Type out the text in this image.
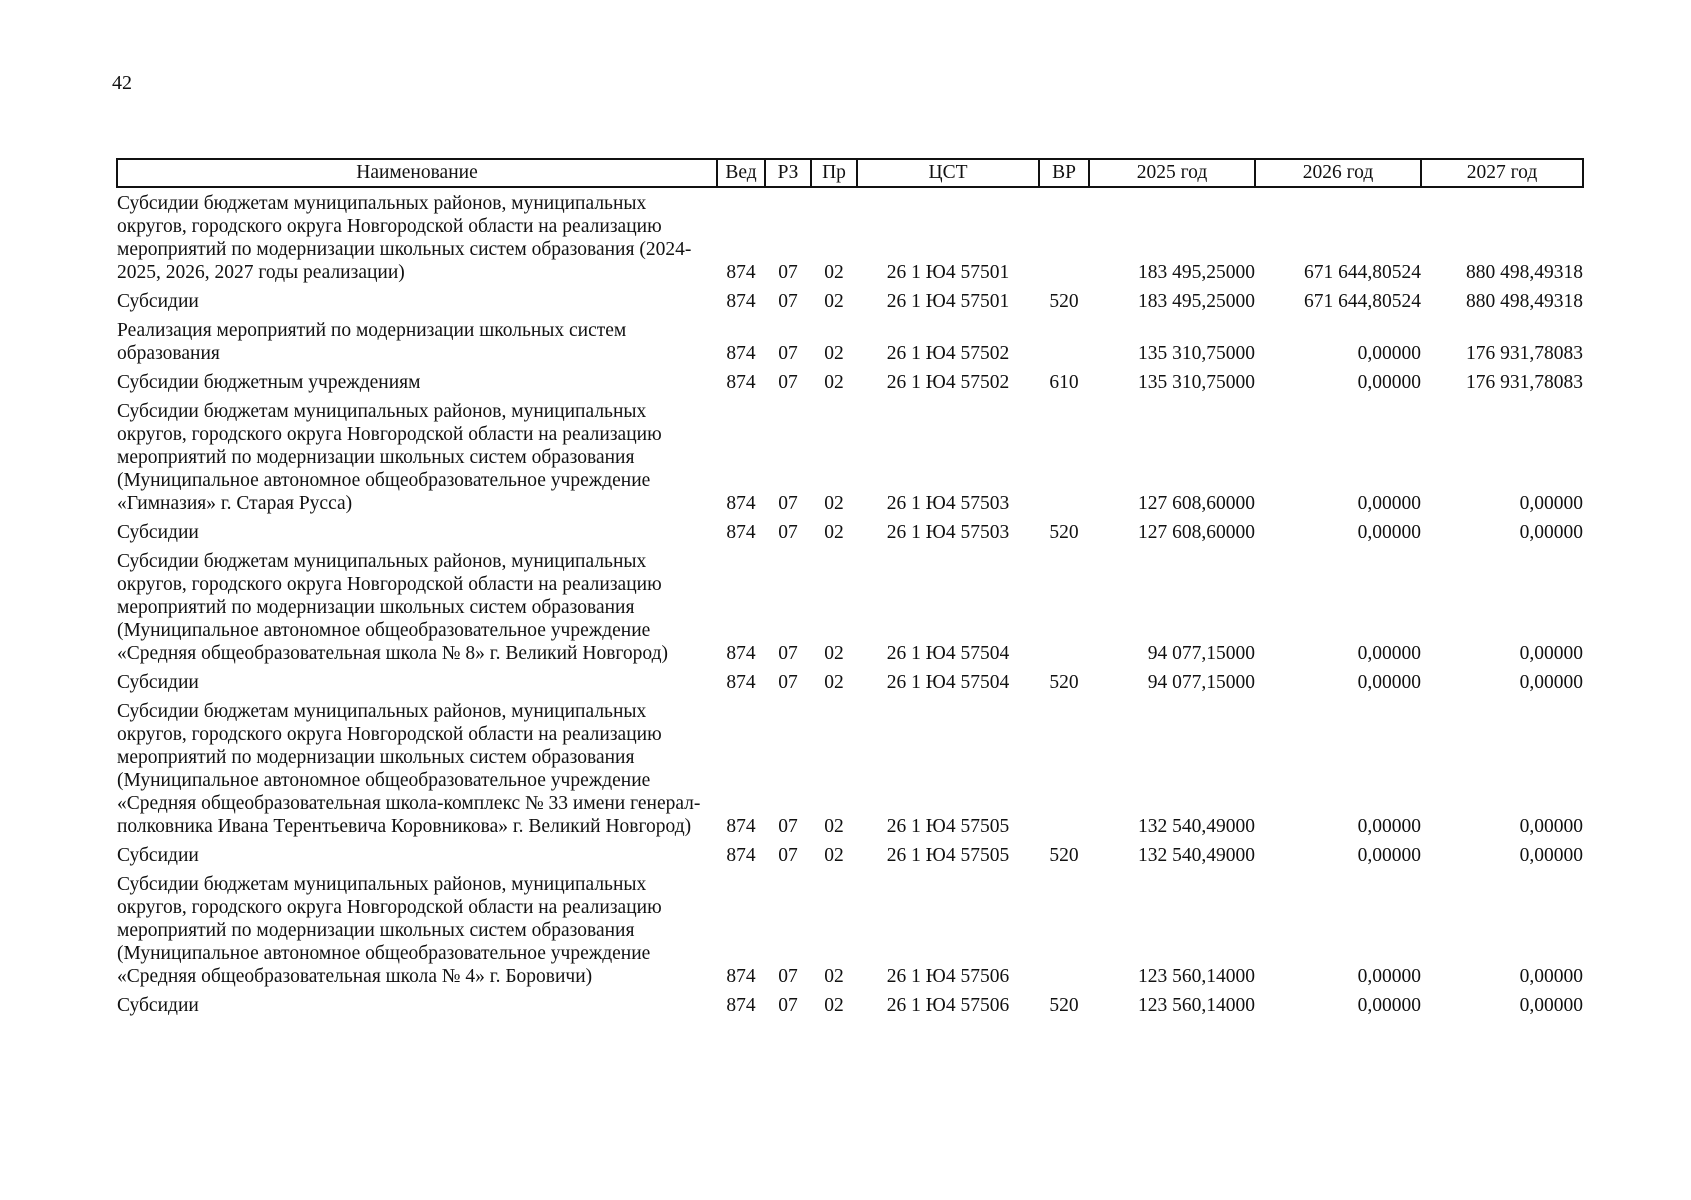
42
Наименование	Вед	РЗ	Пр	ЦСТ	ВР	2025 год	2026 год	2027 год
Субсидии бюджетам муниципальных районов, муниципальных округов, городского округа Новгородской области на реализацию мероприятий по модернизации школьных систем образования (2024-2025, 2026, 2027 годы реализации)	874	07	02	26 1 Ю4 57501		183 495,25000	671 644,80524	880 498,49318
Субсидии	874	07	02	26 1 Ю4 57501	520	183 495,25000	671 644,80524	880 498,49318
Реализация мероприятий по модернизации школьных систем образования	874	07	02	26 1 Ю4 57502		135 310,75000	0,00000	176 931,78083
Субсидии бюджетным учреждениям	874	07	02	26 1 Ю4 57502	610	135 310,75000	0,00000	176 931,78083
Субсидии бюджетам муниципальных районов, муниципальных округов, городского округа Новгородской области на реализацию мероприятий по модернизации школьных систем образования (Муниципальное автономное общеобразовательное учреждение «Гимназия» г. Старая Русса)	874	07	02	26 1 Ю4 57503		127 608,60000	0,00000	0,00000
Субсидии	874	07	02	26 1 Ю4 57503	520	127 608,60000	0,00000	0,00000
Субсидии бюджетам муниципальных районов, муниципальных округов, городского округа Новгородской области на реализацию мероприятий по модернизации школьных систем образования (Муниципальное автономное общеобразовательное учреждение «Средняя общеобразовательная школа № 8» г. Великий Новгород)	874	07	02	26 1 Ю4 57504		94 077,15000	0,00000	0,00000
Субсидии	874	07	02	26 1 Ю4 57504	520	94 077,15000	0,00000	0,00000
Субсидии бюджетам муниципальных районов, муниципальных округов, городского округа Новгородской области на реализацию мероприятий по модернизации школьных систем образования (Муниципальное автономное общеобразовательное учреждение «Средняя общеобразовательная школа-комплекс № 33 имени генерал-полковника Ивана Терентьевича Коровникова» г. Великий Новгород)	874	07	02	26 1 Ю4 57505		132 540,49000	0,00000	0,00000
Субсидии	874	07	02	26 1 Ю4 57505	520	132 540,49000	0,00000	0,00000
Субсидии бюджетам муниципальных районов, муниципальных округов, городского округа Новгородской области на реализацию мероприятий по модернизации школьных систем образования (Муниципальное автономное общеобразовательное учреждение «Средняя общеобразовательная школа № 4» г. Боровичи)	874	07	02	26 1 Ю4 57506		123 560,14000	0,00000	0,00000
Субсидии	874	07	02	26 1 Ю4 57506	520	123 560,14000	0,00000	0,00000
